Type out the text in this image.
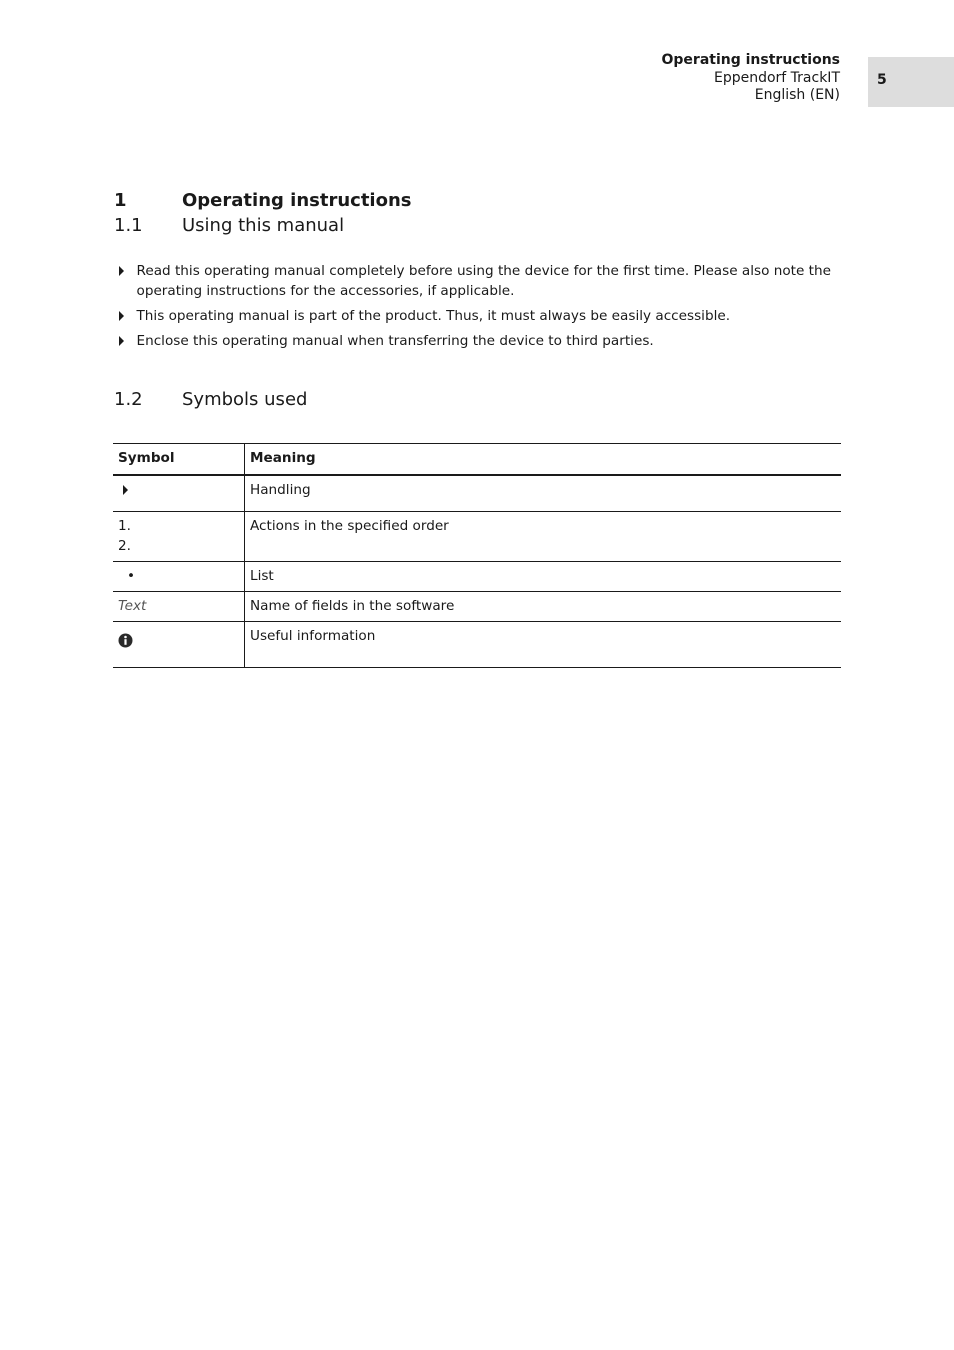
Operating instructions
Eppendorf TrackIT
English (EN)
5
1	Operating instructions
1.1 Using this manual
Read this operating manual completely before using the device for the first time. Please also note the operating instructions for the accessories, if applicable.
This operating manual is part of the product. Thus, it must always be easily accessible.
Enclose this operating manual when transferring the device to third parties.
1.2 Symbols used
Symbol	Meaning

	Handling

1.
2.	Actions in the specified order
•	List
Text	Name of fields in the software
	Useful information
